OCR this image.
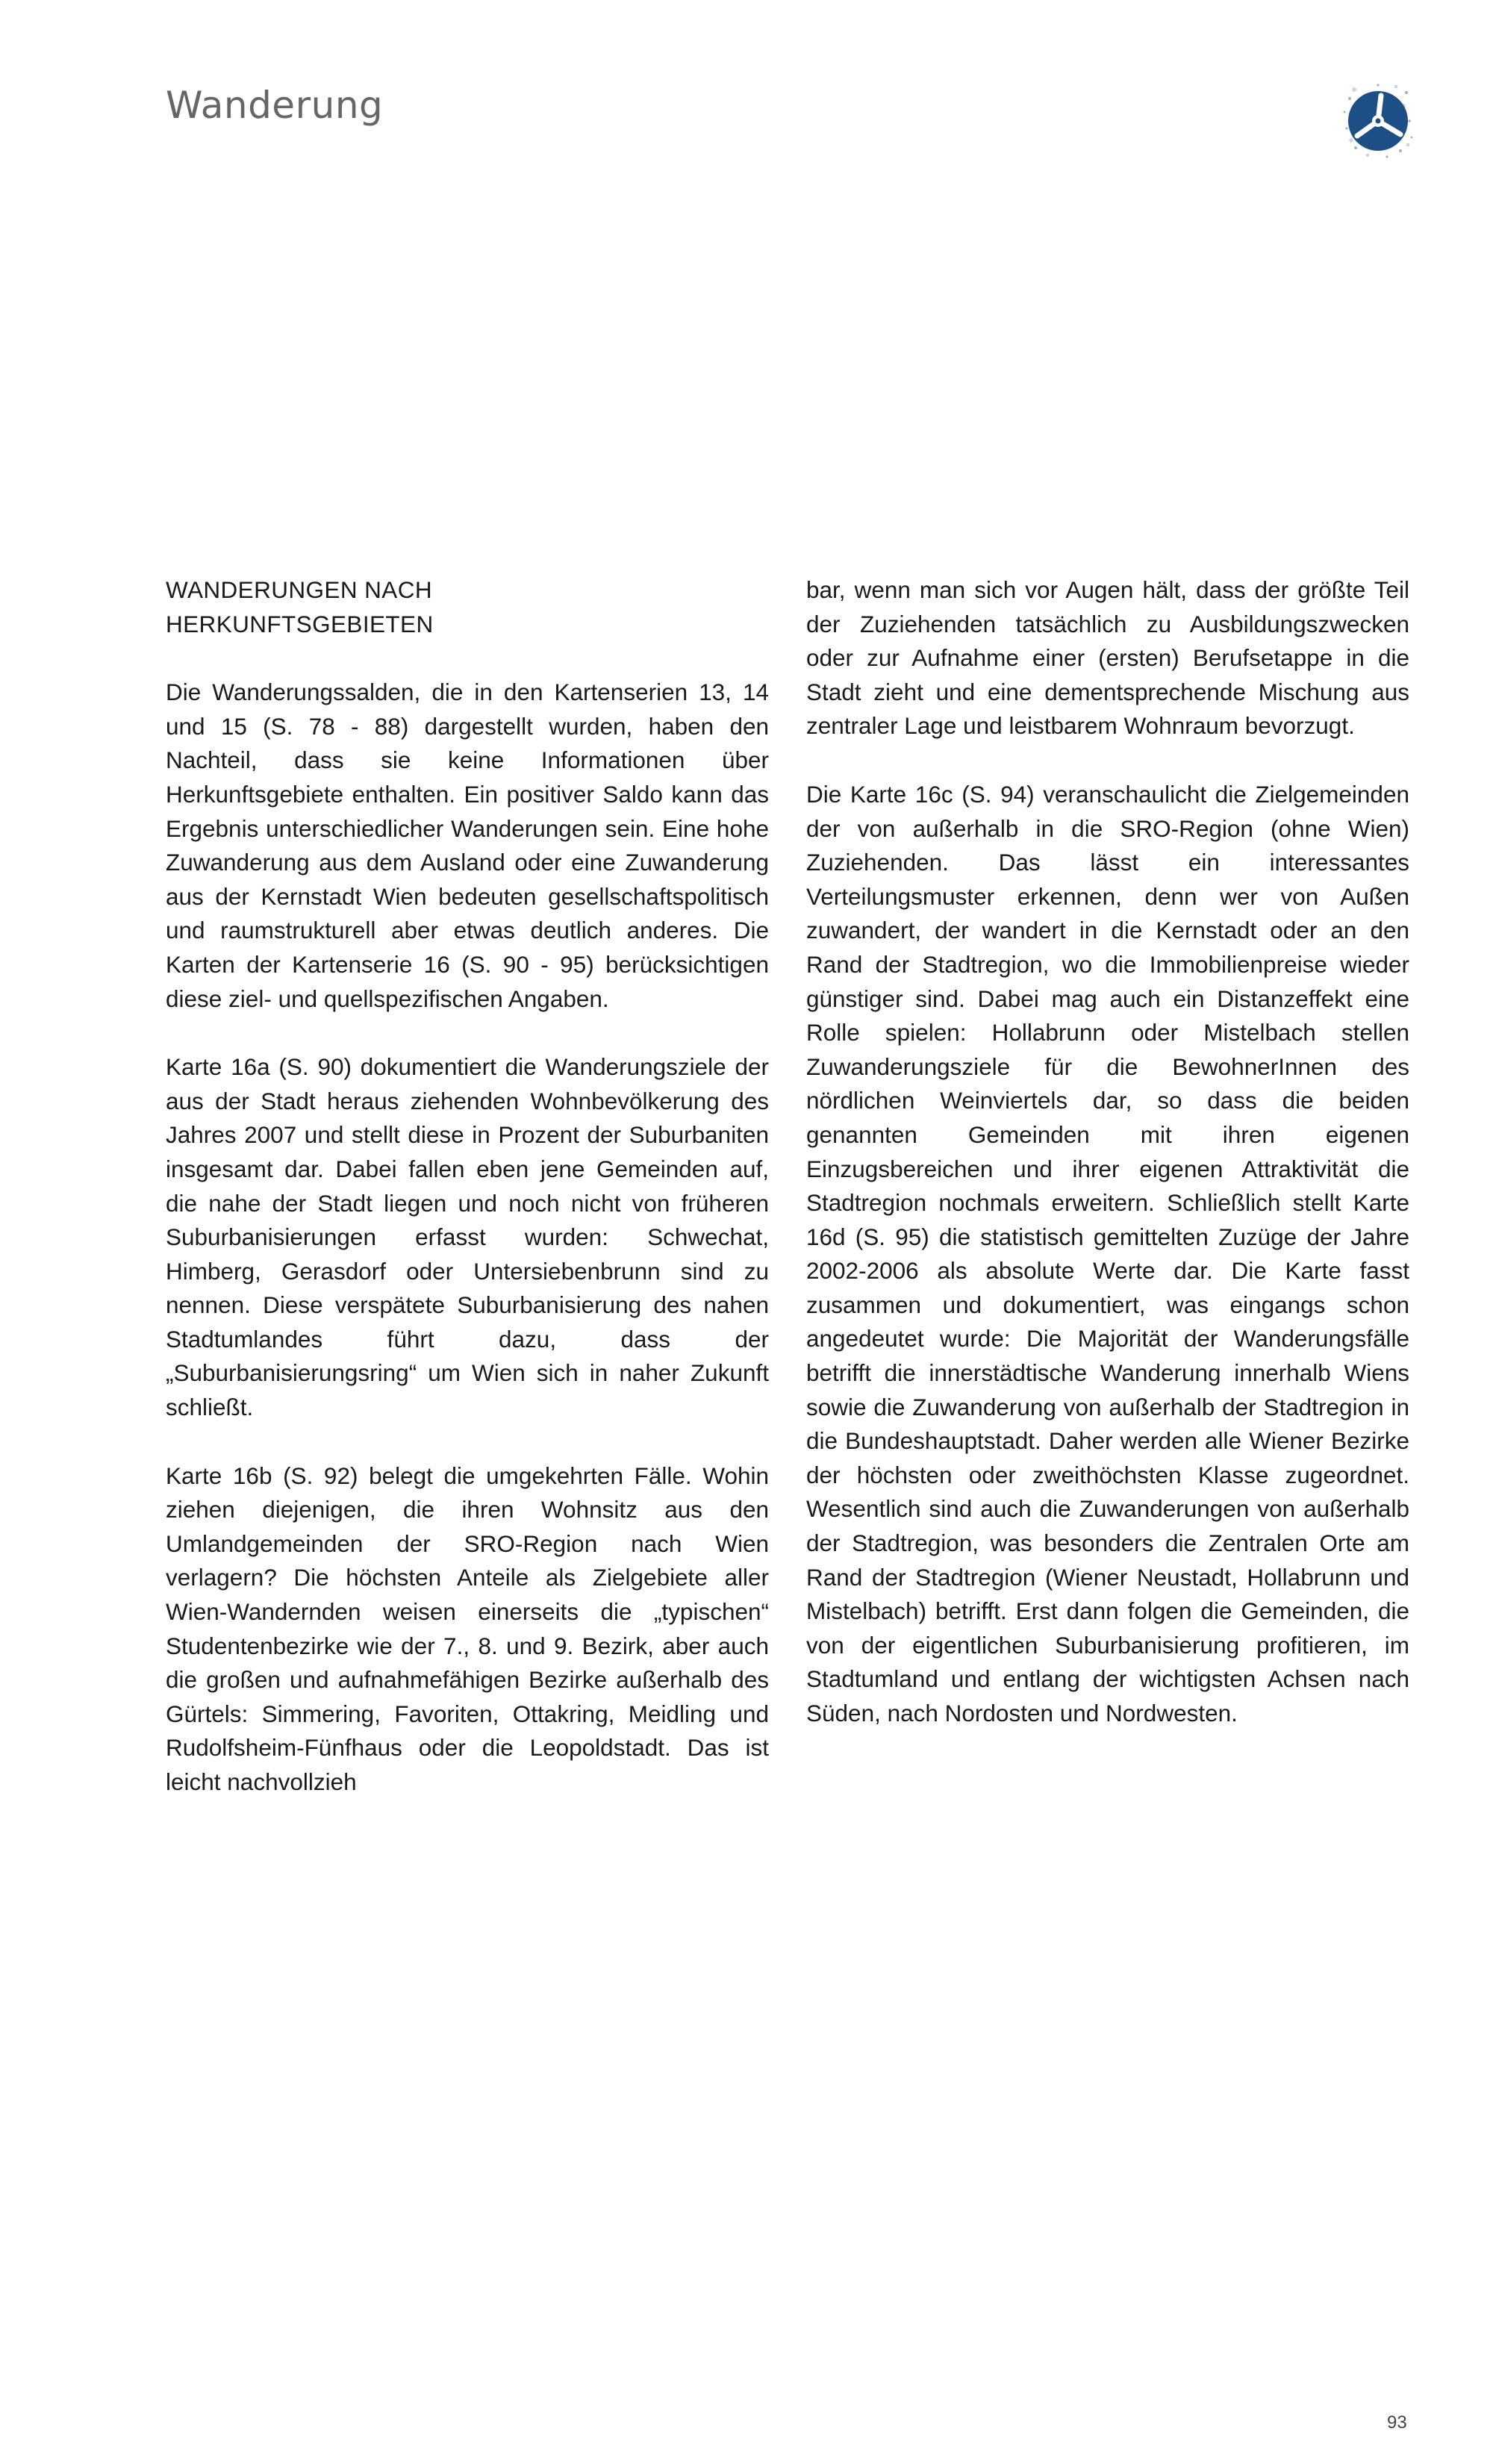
Wanderung
WANDERUNGEN NACH
HERKUNFTSGEBIETEN

Die Wanderungssalden, die in den Kartenserien 13, 14 und 15 (S. 78 - 88) dargestellt wurden, haben den Nachteil, dass sie keine Informationen über Herkunftsgebiete enthalten. Ein positiver Saldo kann das Ergebnis unterschiedlicher Wanderungen sein. Eine hohe Zuwanderung aus dem Ausland oder eine Zuwanderung aus der Kernstadt Wien bedeuten gesellschaftspolitisch und raumstrukturell aber etwas deutlich anderes. Die Karten der Kartenserie 16 (S. 90 - 95) berücksichtigen diese ziel- und quellspezifischen Angaben.

Karte 16a (S. 90) dokumentiert die Wanderungsziele der aus der Stadt heraus ziehenden Wohnbevölkerung des Jahres 2007 und stellt diese in Prozent der Suburbaniten insgesamt dar. Dabei fallen eben jene Gemeinden auf, die nahe der Stadt liegen und noch nicht von früheren Suburbanisierungen erfasst wurden: Schwechat, Himberg, Gerasdorf oder Untersiebenbrunn sind zu nennen. Diese verspätete Suburbanisierung des nahen Stadtumlandes führt dazu, dass der „Suburbanisierungsring“ um Wien sich in naher Zukunft schließt.

Karte 16b (S. 92) belegt die umgekehrten Fälle. Wohin ziehen diejenigen, die ihren Wohnsitz aus den Umlandgemeinden der SRO-Region nach Wien verlagern? Die höchsten Anteile als Zielgebiete aller Wien-Wandernden weisen einerseits die „typischen“ Studentenbezirke wie der 7., 8. und 9. Bezirk, aber auch die großen und aufnahmefähigen Bezirke außerhalb des Gürtels: Simmering, Favoriten, Ottakring, Meidling und Rudolfsheim-Fünfhaus oder die Leopoldstadt. Das ist leicht nachvollzieh

bar, wenn man sich vor Augen hält, dass der größte Teil der Zuziehenden tatsächlich zu Ausbildungszwecken oder zur Aufnahme einer (ersten) Berufsetappe in die Stadt zieht und eine dementsprechende Mischung aus zentraler Lage und leistbarem Wohnraum bevorzugt.

Die Karte 16c (S. 94) veranschaulicht die Zielgemeinden der von außerhalb in die SRO-Region (ohne Wien) Zuziehenden. Das lässt ein interessantes Verteilungsmuster erkennen, denn wer von Außen zuwandert, der wandert in die Kernstadt oder an den Rand der Stadtregion, wo die Immobilienpreise wieder günstiger sind. Dabei mag auch ein Distanzeffekt eine Rolle spielen: Hollabrunn oder Mistelbach stellen Zuwanderungsziele für die BewohnerInnen des nördlichen Weinviertels dar, so dass die beiden genannten Gemeinden mit ihren eigenen Einzugsbereichen und ihrer eigenen Attraktivität die Stadtregion nochmals erweitern. Schließlich stellt Karte 16d (S. 95) die statistisch gemittelten Zuzüge der Jahre 2002-2006 als absolute Werte dar. Die Karte fasst zusammen und dokumentiert, was eingangs schon angedeutet wurde: Die Majorität der Wanderungsfälle betrifft die innerstädtische Wanderung innerhalb Wiens sowie die Zuwanderung von außerhalb der Stadtregion in die Bundeshauptstadt. Daher werden alle Wiener Bezirke der höchsten oder zweithöchsten Klasse zugeordnet. Wesentlich sind auch die Zuwanderungen von außerhalb der Stadtregion, was besonders die Zentralen Orte am Rand der Stadtregion (Wiener Neustadt, Hollabrunn und Mistelbach) betrifft. Erst dann folgen die Gemeinden, die von der eigentlichen Suburbanisierung profitieren, im Stadtumland und entlang der wichtigsten Achsen nach Süden, nach Nordosten und Nordwesten.

93
